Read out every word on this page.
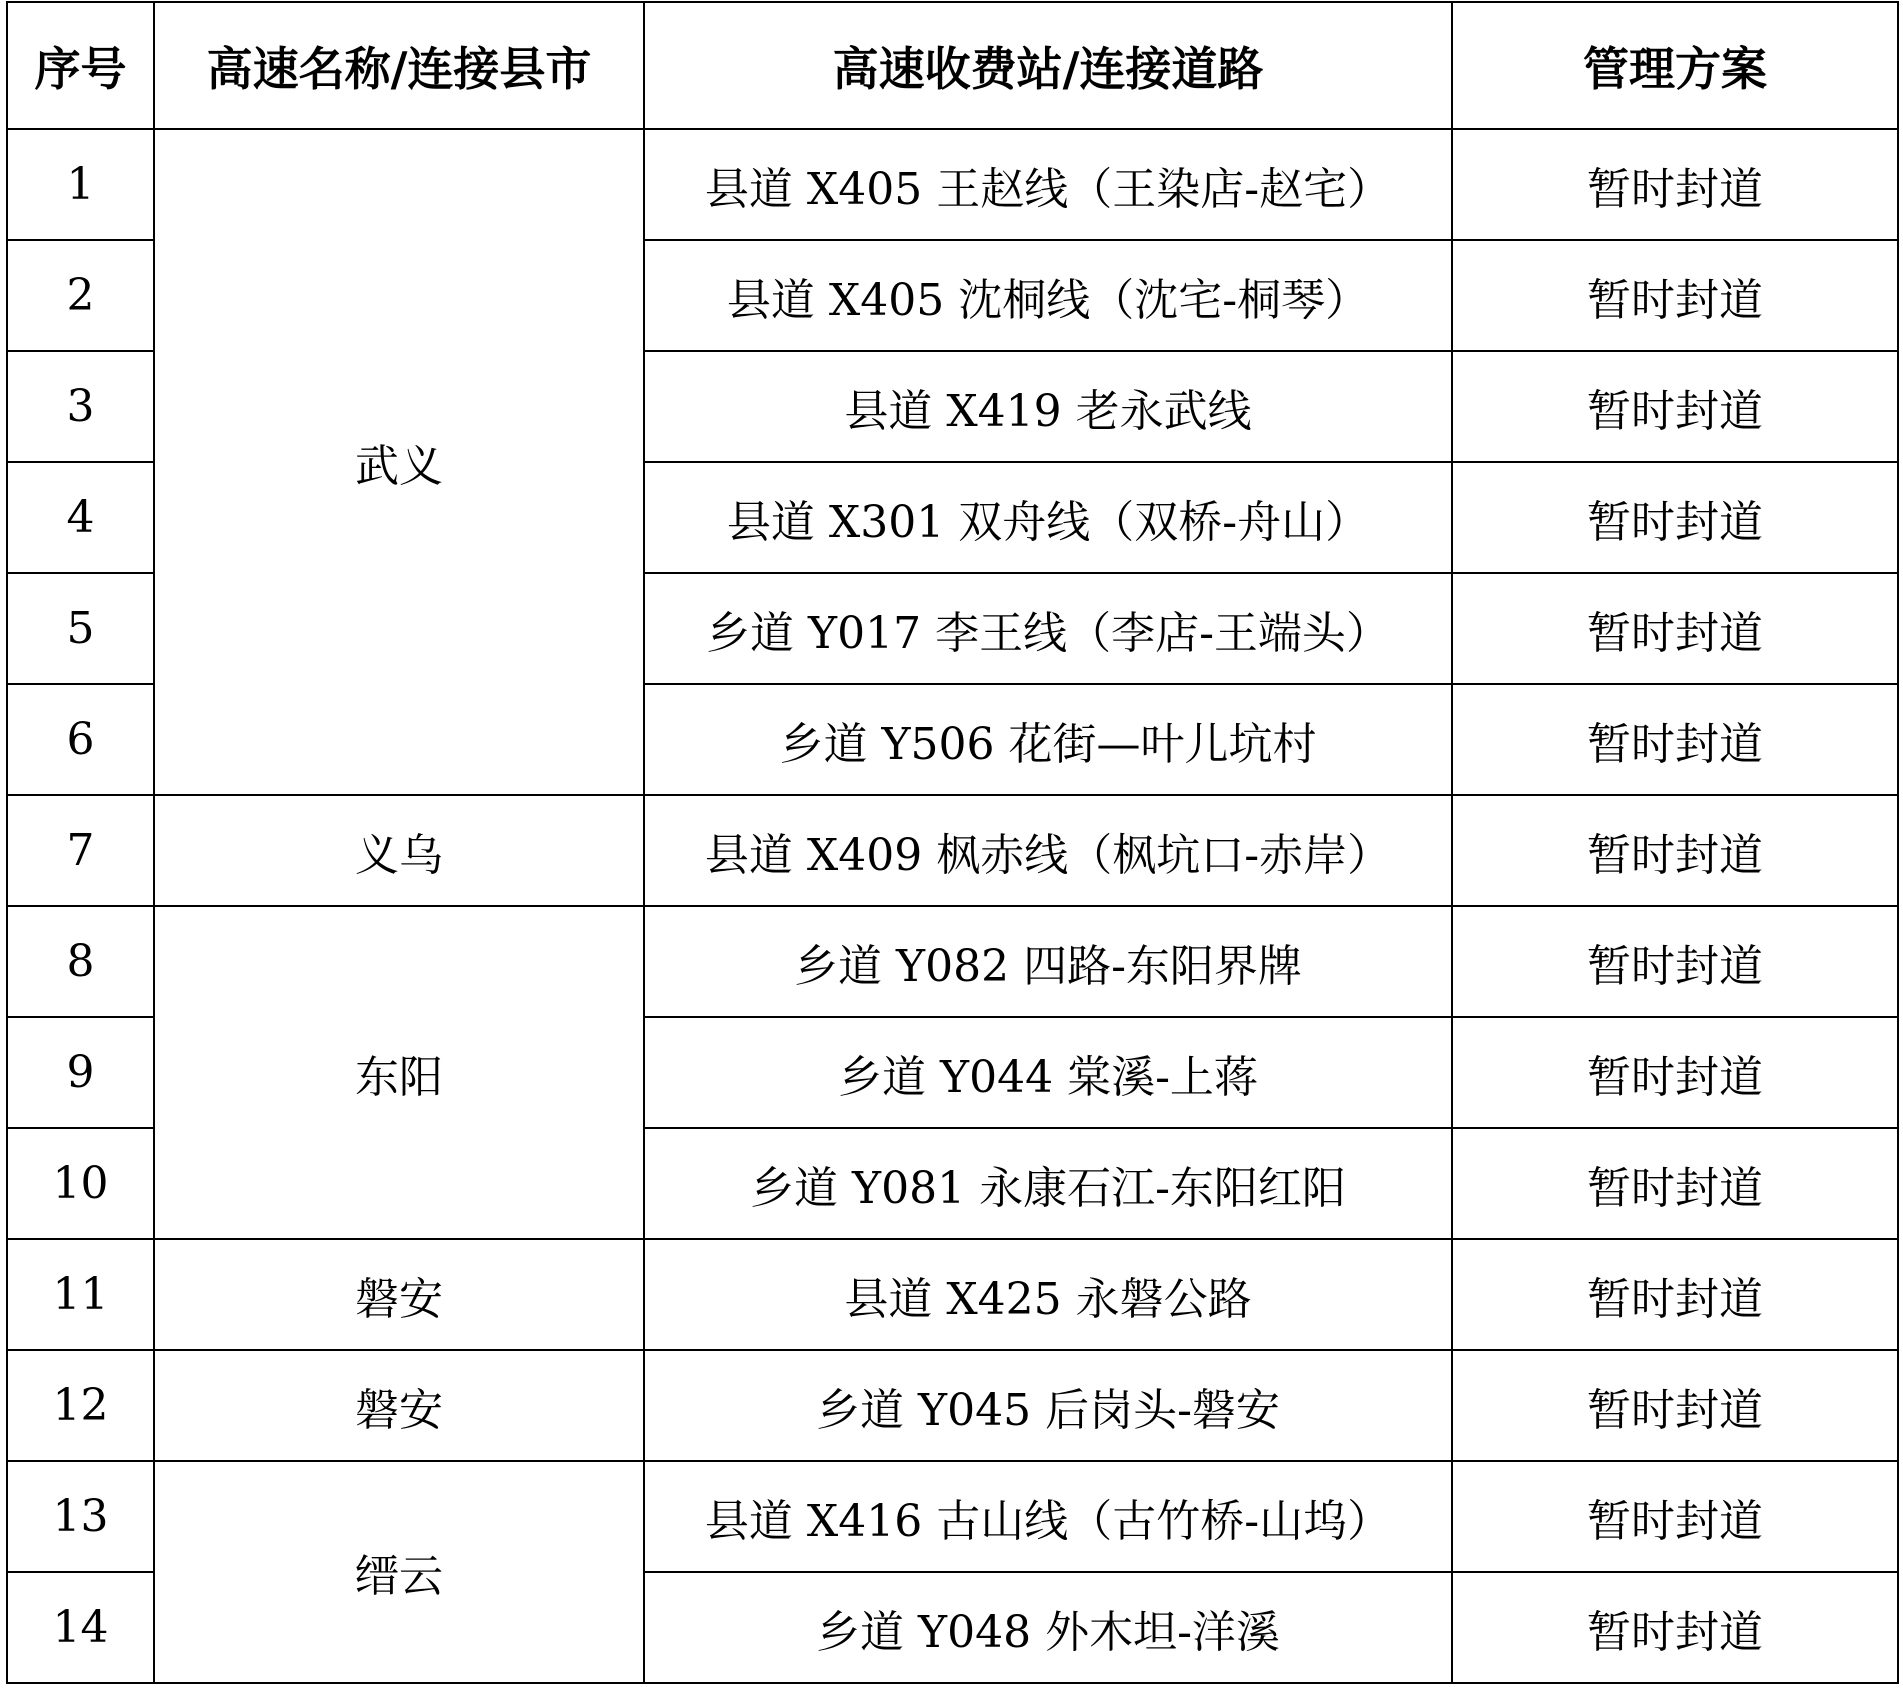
序号	高速名称/连接县市	高速收费站/连接道路	管理方案
1	武义	县道 X405 王赵线（王染店-赵宅）	暂时封道
2		县道 X405 沈桐线（沈宅-桐琴）	暂时封道
3		县道 X419 老永武线	暂时封道
4		县道 X301 双舟线（双桥-舟山）	暂时封道
5		乡道 Y017 李王线（李店-王端头）	暂时封道
6		乡道 Y506 花街—叶儿坑村	暂时封道
7	义乌	县道 X409 枫赤线（枫坑口-赤岸）	暂时封道
8	东阳	乡道 Y082 四路-东阳界牌	暂时封道
9		乡道 Y044 棠溪-上蒋	暂时封道
10		乡道 Y081 永康石江-东阳红阳	暂时封道
11	磐安	县道 X425 永磐公路	暂时封道
12	磐安	乡道 Y045 后岗头-磐安	暂时封道
13	缙云	县道 X416 古山线（古竹桥-山坞）	暂时封道
14		乡道 Y048 外木坦-洋溪	暂时封道
